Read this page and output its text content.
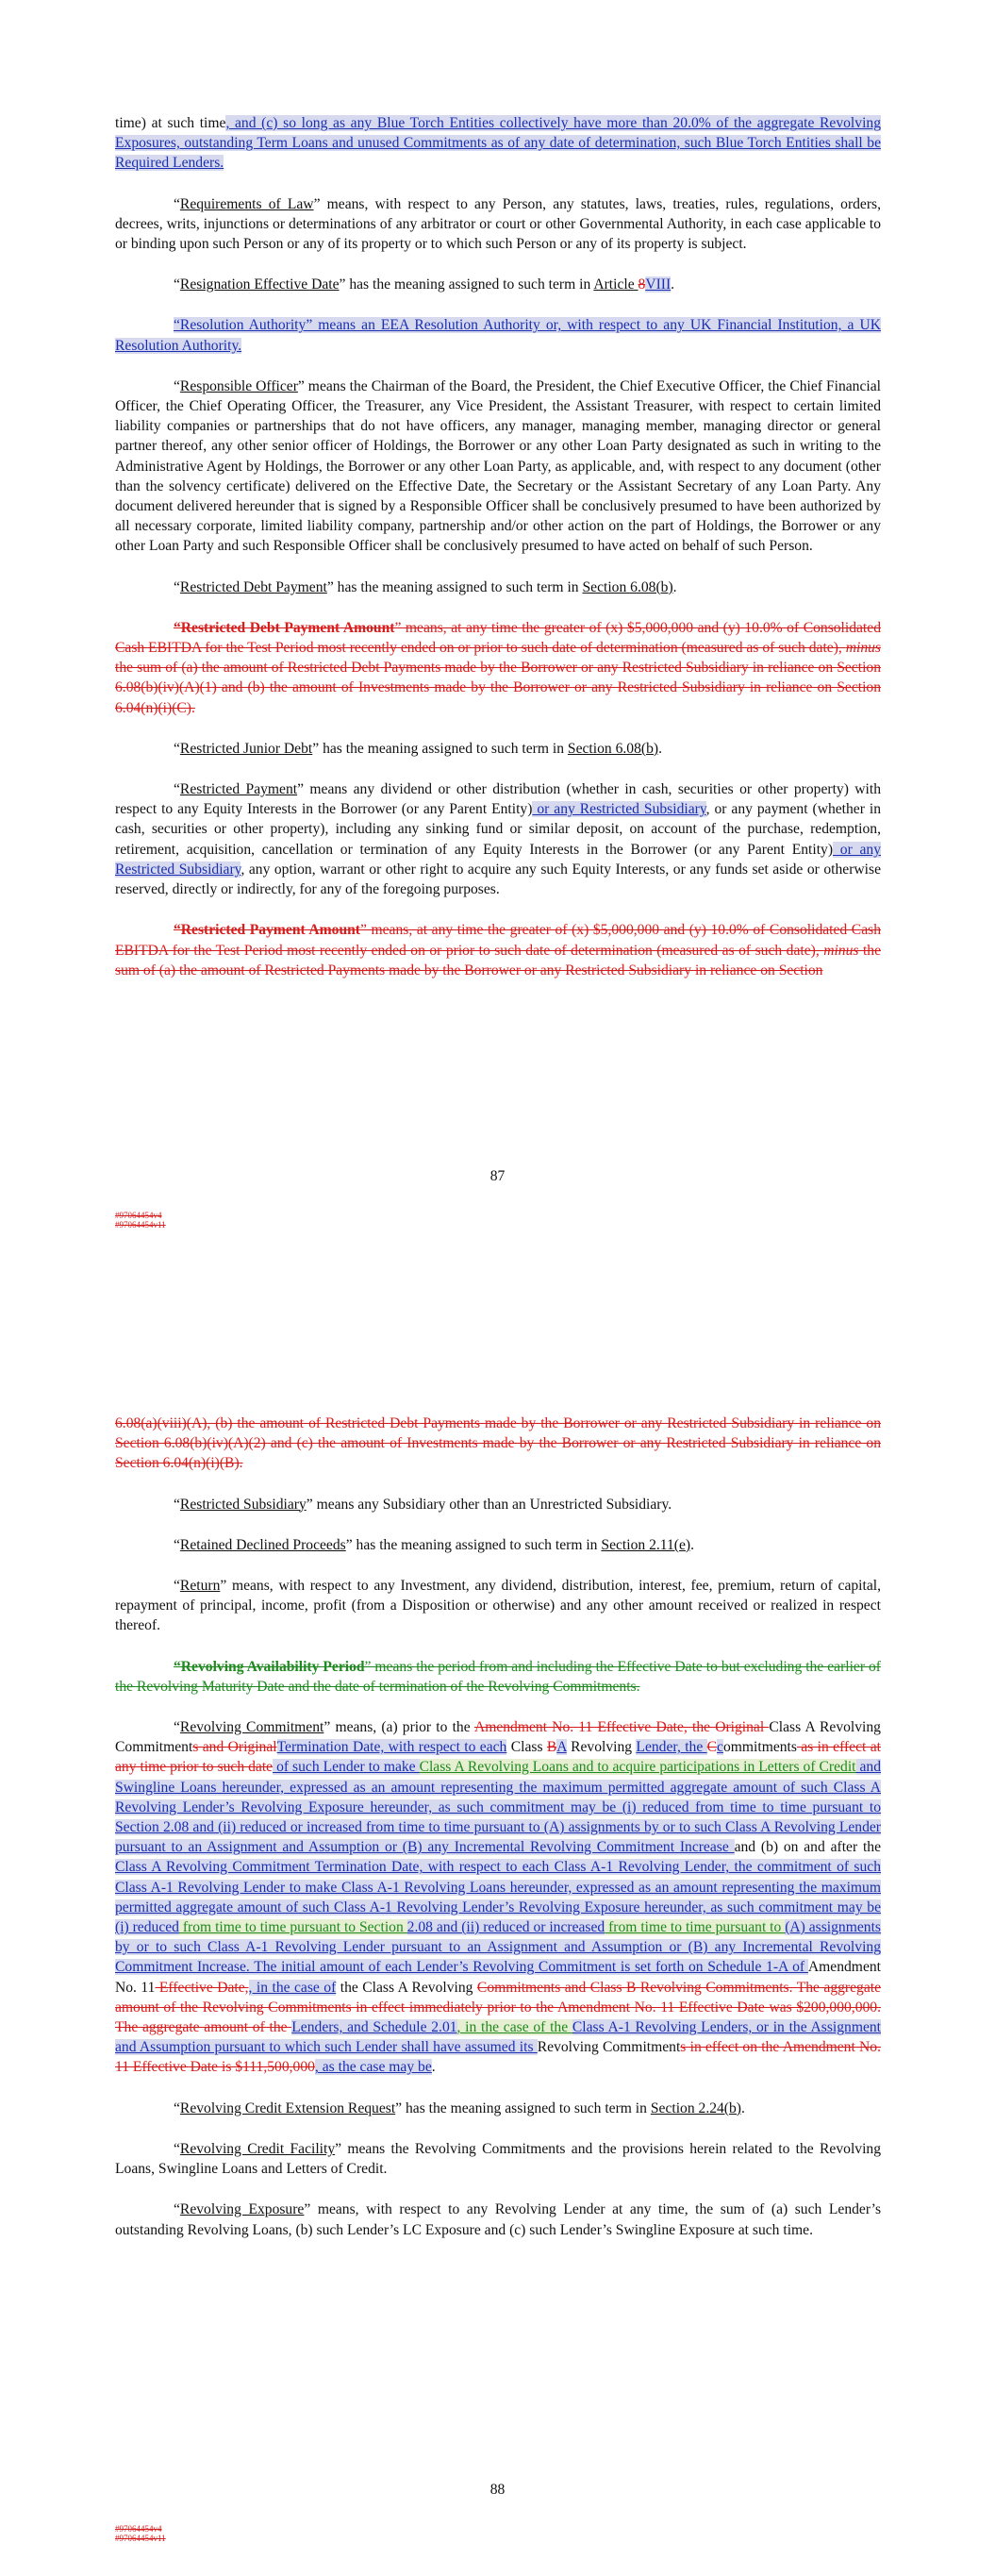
time) at such time, and (c) so long as any Blue Torch Entities collectively have more than 20.0% of the aggregate Revolving Exposures, outstanding Term Loans and unused Commitments as of any date of determination, such Blue Torch Entities shall be Required Lenders.

“Requirements of Law” means, with respect to any Person, any statutes, laws, treaties, rules, regulations, orders, decrees, writs, injunctions or determinations of any arbitrator or court or other Governmental Authority, in each case applicable to or binding upon such Person or any of its property or to which such Person or any of its property is subject.

“Resignation Effective Date” has the meaning assigned to such term in Article 8VIII.

“Resolution Authority” means an EEA Resolution Authority or, with respect to any UK Financial Institution, a UK Resolution Authority.

“Responsible Officer” means the Chairman of the Board, the President, the Chief Executive Officer, the Chief Financial Officer, the Chief Operating Officer, the Treasurer, any Vice President, the Assistant Treasurer, with respect to certain limited liability companies or partnerships that do not have officers, any manager, managing member, managing director or general partner thereof, any other senior officer of Holdings, the Borrower or any other Loan Party designated as such in writing to the Administrative Agent by Holdings, the Borrower or any other Loan Party, as applicable, and, with respect to any document (other than the solvency certificate) delivered on the Effective Date, the Secretary or the Assistant Secretary of any Loan Party. Any document delivered hereunder that is signed by a Responsible Officer shall be conclusively presumed to have been authorized by all necessary corporate, limited liability company, partnership and/or other action on the part of Holdings, the Borrower or any other Loan Party and such Responsible Officer shall be conclusively presumed to have acted on behalf of such Person.

“Restricted Debt Payment” has the meaning assigned to such term in Section 6.08(b).

“Restricted Debt Payment Amount” means, at any time the greater of (x) $5,000,000 and (y) 10.0% of Consolidated Cash EBITDA for the Test Period most recently ended on or prior to such date of determination (measured as of such date), minus the sum of (a) the amount of Restricted Debt Payments made by the Borrower or any Restricted Subsidiary in reliance on Section 6.08(b)(iv)(A)(1) and (b) the amount of Investments made by the Borrower or any Restricted Subsidiary in reliance on Section 6.04(n)(i)(C).

“Restricted Junior Debt” has the meaning assigned to such term in Section 6.08(b).

“Restricted Payment” means any dividend or other distribution (whether in cash, securities or other property) with respect to any Equity Interests in the Borrower (or any Parent Entity) or any Restricted Subsidiary, or any payment (whether in cash, securities or other property), including any sinking fund or similar deposit, on account of the purchase, redemption, retirement, acquisition, cancellation or termination of any Equity Interests in the Borrower (or any Parent Entity) or any Restricted Subsidiary, any option, warrant or other right to acquire any such Equity Interests, or any funds set aside or otherwise reserved, directly or indirectly, for any of the foregoing purposes.

“Restricted Payment Amount” means, at any time the greater of (x) $5,000,000 and (y) 10.0% of Consolidated Cash EBITDA for the Test Period most recently ended on or prior to such date of determination (measured as of such date), minus the sum of (a) the amount of Restricted Payments made by the Borrower or any Restricted Subsidiary in reliance on Section

87
#97064454v4
#97064454v11

6.08(a)(viii)(A), (b) the amount of Restricted Debt Payments made by the Borrower or any Restricted Subsidiary in reliance on Section 6.08(b)(iv)(A)(2) and (c) the amount of Investments made by the Borrower or any Restricted Subsidiary in reliance on Section 6.04(n)(i)(B).

“Restricted Subsidiary” means any Subsidiary other than an Unrestricted Subsidiary.

“Retained Declined Proceeds” has the meaning assigned to such term in Section 2.11(e).

“Return” means, with respect to any Investment, any dividend, distribution, interest, fee, premium, return of capital, repayment of principal, income, profit (from a Disposition or otherwise) and any other amount received or realized in respect thereof.

“Revolving Availability Period” means the period from and including the Effective Date to but excluding the earlier of the Revolving Maturity Date and the date of termination of the Revolving Commitments.

“Revolving Commitment” means, (a) prior to the Amendment No. 11 Effective Date, the Original Class A Revolving Commitments and OriginalTermination Date, with respect to each Class BA Revolving Lender, the Ccommitments as in effect at any time prior to such date of such Lender to make Class A Revolving Loans and to acquire participations in Letters of Credit and Swingline Loans hereunder, expressed as an amount representing the maximum permitted aggregate amount of such Class A Revolving Lender’s Revolving Exposure hereunder, as such commitment may be (i) reduced from time to time pursuant to Section 2.08 and (ii) reduced or increased from time to time pursuant to (A) assignments by or to such Class A Revolving Lender pursuant to an Assignment and Assumption or (B) any Incremental Revolving Commitment Increase and (b) on and after the Class A Revolving Commitment Termination Date, with respect to each Class A-1 Revolving Lender, the commitment of such Class A-1 Revolving Lender to make Class A-1 Revolving Loans hereunder, expressed as an amount representing the maximum permitted aggregate amount of such Class A-1 Revolving Lender’s Revolving Exposure hereunder, as such commitment may be (i) reduced from time to time pursuant to Section 2.08 and (ii) reduced or increased from time to time pursuant to (A) assignments by or to such Class A-1 Revolving Lender pursuant to an Assignment and Assumption or (B) any Incremental Revolving Commitment Increase. The initial amount of each Lender’s Revolving Commitment is set forth on Schedule 1-A of Amendment No. 11 Effective Date,, in the case of the Class A Revolving Commitments and Class B Revolving Commitments. The aggregate amount of the Revolving Commitments in effect immediately prior to the Amendment No. 11 Effective Date was $200,000,000. The aggregate amount of the Lenders, and Schedule 2.01, in the case of the Class A-1 Revolving Lenders, or in the Assignment and Assumption pursuant to which such Lender shall have assumed its Revolving Commitments in effect on the Amendment No. 11 Effective Date is $111,500,000, as the case may be.

“Revolving Credit Extension Request” has the meaning assigned to such term in Section 2.24(b).

“Revolving Credit Facility” means the Revolving Commitments and the provisions herein related to the Revolving Loans, Swingline Loans and Letters of Credit.

“Revolving Exposure” means, with respect to any Revolving Lender at any time, the sum of (a) such Lender’s outstanding Revolving Loans, (b) such Lender’s LC Exposure and (c) such Lender’s Swingline Exposure at such time.

88
#97064454v4
#97064454v11
